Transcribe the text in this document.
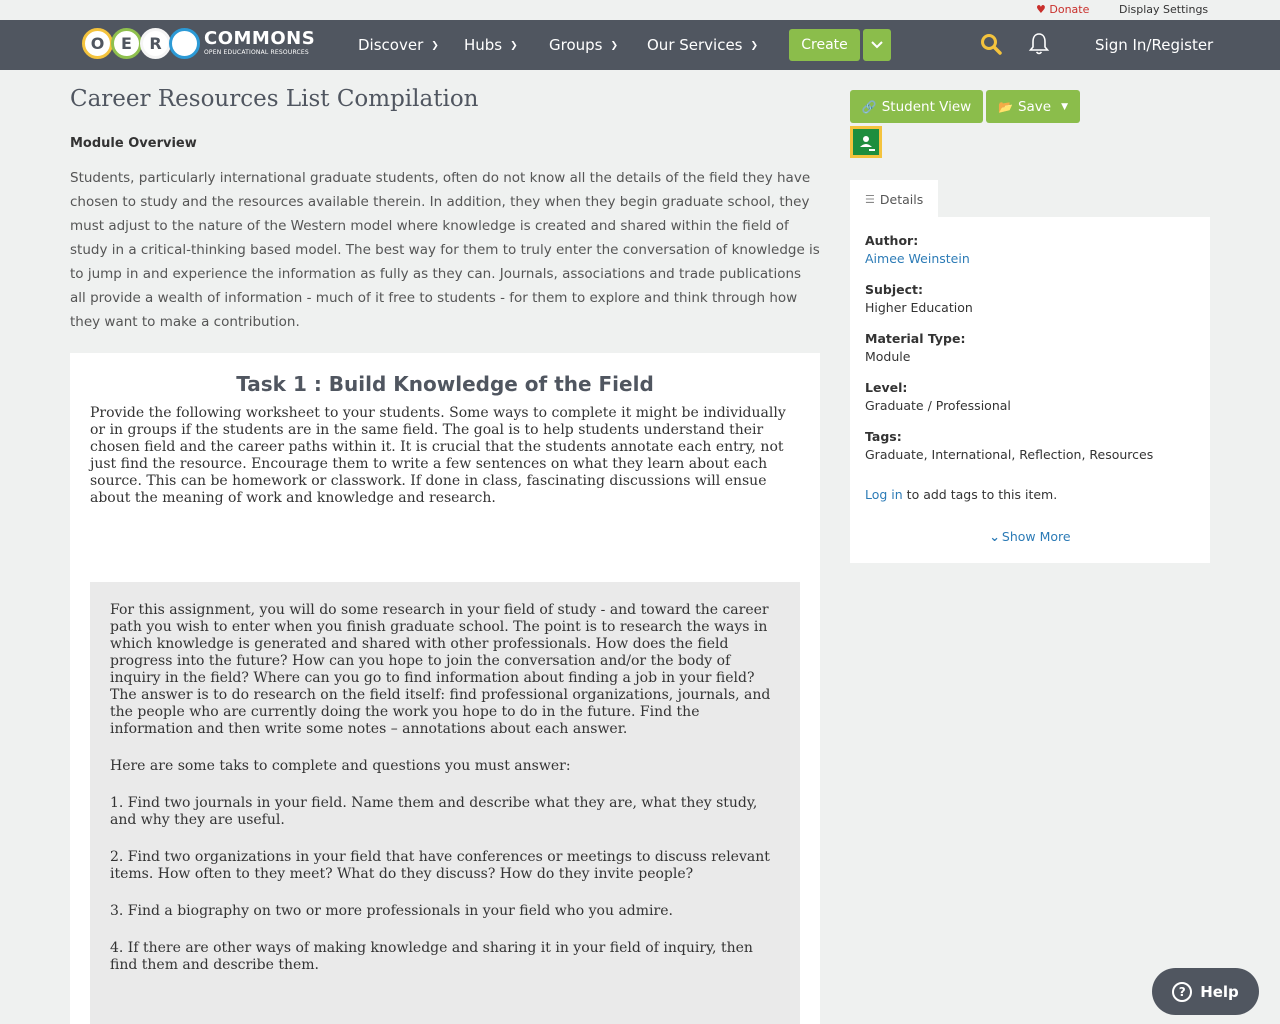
♥ Donate	Display Settings
O	E	R	COMMONS
OPEN EDUCATIONAL RESOURCES	Discover ❯ Hubs ❯ Groups ❯ Our Services ❯	Create	Sign In/Register
Career Resources List Compilation
Module Overview
Students, particularly international graduate students, often do not know all the details of the field they have chosen to study and the resources available therein. In addition, they when they begin graduate school, they must adjust to the nature of the Western model where knowledge is created and shared within the field of study in a critical-thinking based model. The best way for them to truly enter the conversation of knowledge is to jump in and experience the information as fully as they can. Journals, associations and trade publications all provide a wealth of information - much of it free to students - for them to explore and think through how they want to make a contribution.
Task 1 : Build Knowledge of the Field
Provide the following worksheet to your students. Some ways to complete it might be individually or in groups if the students are in the same field. The goal is to help students understand their chosen field and the career paths within it. It is crucial that the students annotate each entry, not just find the resource. Encourage them to write a few sentences on what they learn about each source. This can be homework or classwork. If done in class, fascinating discussions will ensue about the meaning of work and knowledge and research.

For this assignment, you will do some research in your field of study - and toward the career path you wish to enter when you finish graduate school. The point is to research the ways in which knowledge is generated and shared with other professionals. How does the field progress into the future? How can you hope to join the conversation and/or the body of inquiry in the field? Where can you go to find information about finding a job in your field? The answer is to do research on the field itself: find professional organizations, journals, and the people who are currently doing the work you hope to do in the future. Find the information and then write some notes – annotations about each answer.

Here are some taks to complete and questions you must answer:

1. Find two journals in your field. Name them and describe what they are, what they study, and why they are useful.

2. Find two organizations in your field that have conferences or meetings to discuss relevant items. How often to they meet? What do they discuss? How do they invite people?

3. Find a biography on two or more professionals in your field who you admire.

4. If there are other ways of making knowledge and sharing it in your field of inquiry, then find them and describe them.

🔗 Student View 📂 Save ▼
☰ Details
Author:
Aimee Weinstein
Subject:
Higher Education
Material Type:
Module
Level:
Graduate / Professional
Tags:
Graduate, International, Reflection, Resources
Log in to add tags to this item.
⌄ Show More
? Help
